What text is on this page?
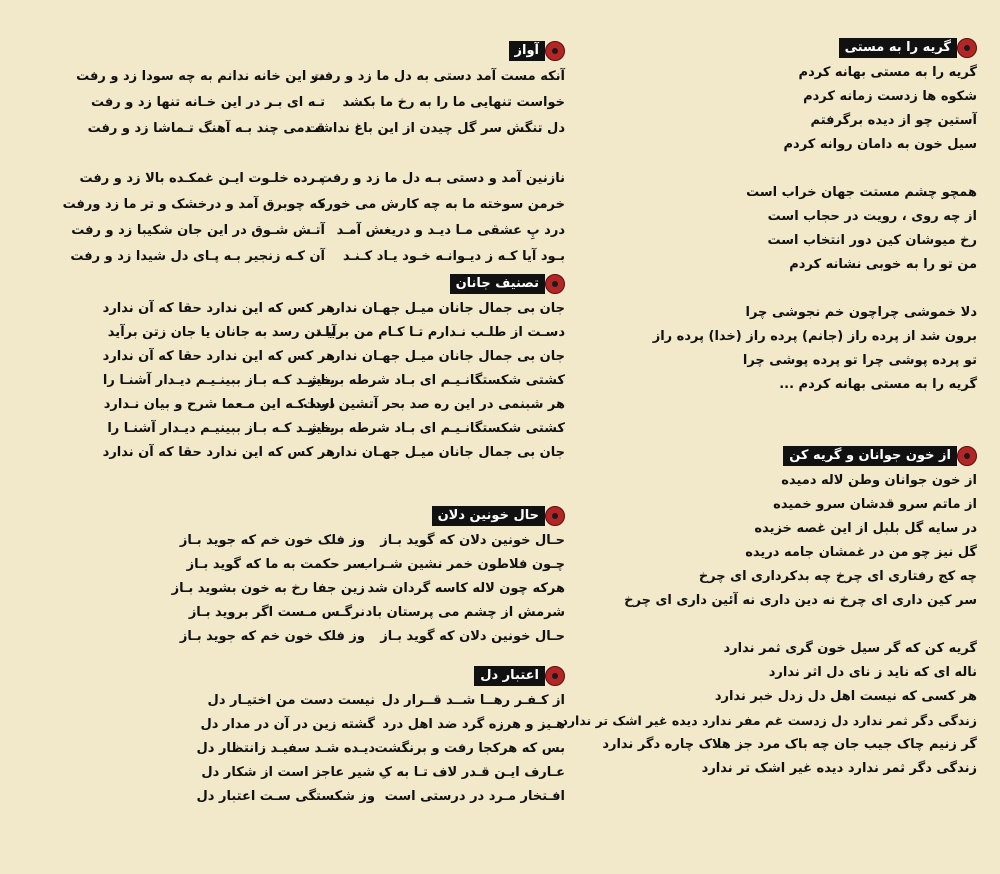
گریه را به مستی
گریه را به مستی بهانه کردم
شکوه ها زدست زمانه کردم
آستین چو از دیده برگرفتم
سیل خون به دامان روانه کردم
همچو چشم مستت جهان خراب است
از چه روی ، رویت در حجاب است
رخ میوشان کین دور انتخاب است
من تو را به خوبی نشانه کردم
دلا خموشی چراچون خم نجوشی چرا
برون شد از پرده راز (جانم) پرده راز (خدا) پرده راز
تو پرده پوشی چرا تو پرده پوشی چرا
گریه را به مستی بهانه کردم ...
از خون جوانان و گریه کن
از خون جوانان وطن لاله دمیده
از ماتم سرو قدشان سرو خمیده
در سایه گل بلبل از این غصه خزیده
گل نیز چو من در غمشان جامه دریده
چه کج رفتاری ای چرخ چه بدکرداری ای چرخ
سر کین داری ای چرخ نه دین داری نه آئین داری ای چرخ
گریه کن که گر سیل خون گری ثمر ندارد
ناله ای که ناید ز نای دل اثر ندارد
هر کسی که نیست اهل دل زدل خبر ندارد
زندگی دگر ثمر ندارد دل زدست غم مفر ندارد دیده غیر اشک تر ندارد
گر زنیم چاک جیب جان چه باک مرد جز هلاک چاره دگر ندارد
زندگی دگر ثمر ندارد دیده غیر اشک تر ندارد
آواز
آنکه مست آمد دستی به دل ما زد و رفت
در این خانه ندانم به چه سودا زد و رفت
خواست تنهایی ما را به رخ ما بکشد
تـه ای بـر در این خـانه تنها زد و رفت
دل تنگش سر گل چیدن از این باغ نداشت
قـدمی چند بـه آهنگ تـماشا زد و رفت
نازنین آمد و دستی بـه دل ما زد و رفت
پـرده خلـوت ایـن غمکـده بالا زد و رفت
خرمن سوخته ما به چه کارش می خورد
که چوبرق آمد و درخشک و تر ما زد ورفت
درد پِ عشقی مـا دیـد و دریغش آمـد
آتـش شـوق در این جان شکیبا زد و رفت
بـود آیا کـه ز دیـوانـه خـود یـاد کـنـد
آن کـه زنجیر بـه پـای دل شیدا زد و رفت
تصنیف جانان
جان بی جمال جانان میـل جهـان ندارد
هر کس که این ندارد حقا که آن ندارد
دسـت از طلـب نـدارم تـا کـام من برآیـد
یا تن رسد به جانان یا جان زتن برآید
جان بی جمال جانان میـل جهـان ندارد
هر کس که این ندارد حقا که آن ندارد
کشتی شکستگانـیـم ای بـاد شرطه برخیز
بـاشـد کـه بـاز ببینـیـم دیـدار آشنـا را
هر شبنمی در این ره صد بحر آتشین است
دردا کـه این مـعما شرح و بیان نـدارد
کشتی شکستگانـیـم ای بـاد شرطه برخیز
بـاشـد کـه بـاز ببینیـم دیـدار آشنـا را
جان بی جمال جانان میـل جهـان ندارد
هر کس که این ندارد حقا که آن ندارد
حال خونین دلان
حـال خونین دلان که گوید بـاز
وز فلک خون خم که جوید بـاز
چـون فلاطون خمر نشین شـراب
سر حکمت به ما که گوید بـاز
هرکه چون لاله کاسه گردان شد
زین جفا رخ به خون بشوید بـاز
شرمش از چشم می پرستان باد
نرگـس مـست اگر بروید بـاز
حـال خونین دلان که گوید بـاز
وز فلک خون خم که جوید بـاز
اعتبار دل
از کـفـر رهــا شــد قــرار دل
نیست دست من اختیـار دل
هـیز و هرزه گرد ضد اهل درد
گشته زین در آن در مدار دل
بس که هرکجا رفت و برنگشت
دیـده شـد سفیـد زانتظار دل
عـارف ایـن قـدر لاف تـا به کِ
شیر عاجز است از شکار دل
افـتخار مـرد در درستی است
وز شکستگی سـت اعتبار دل
